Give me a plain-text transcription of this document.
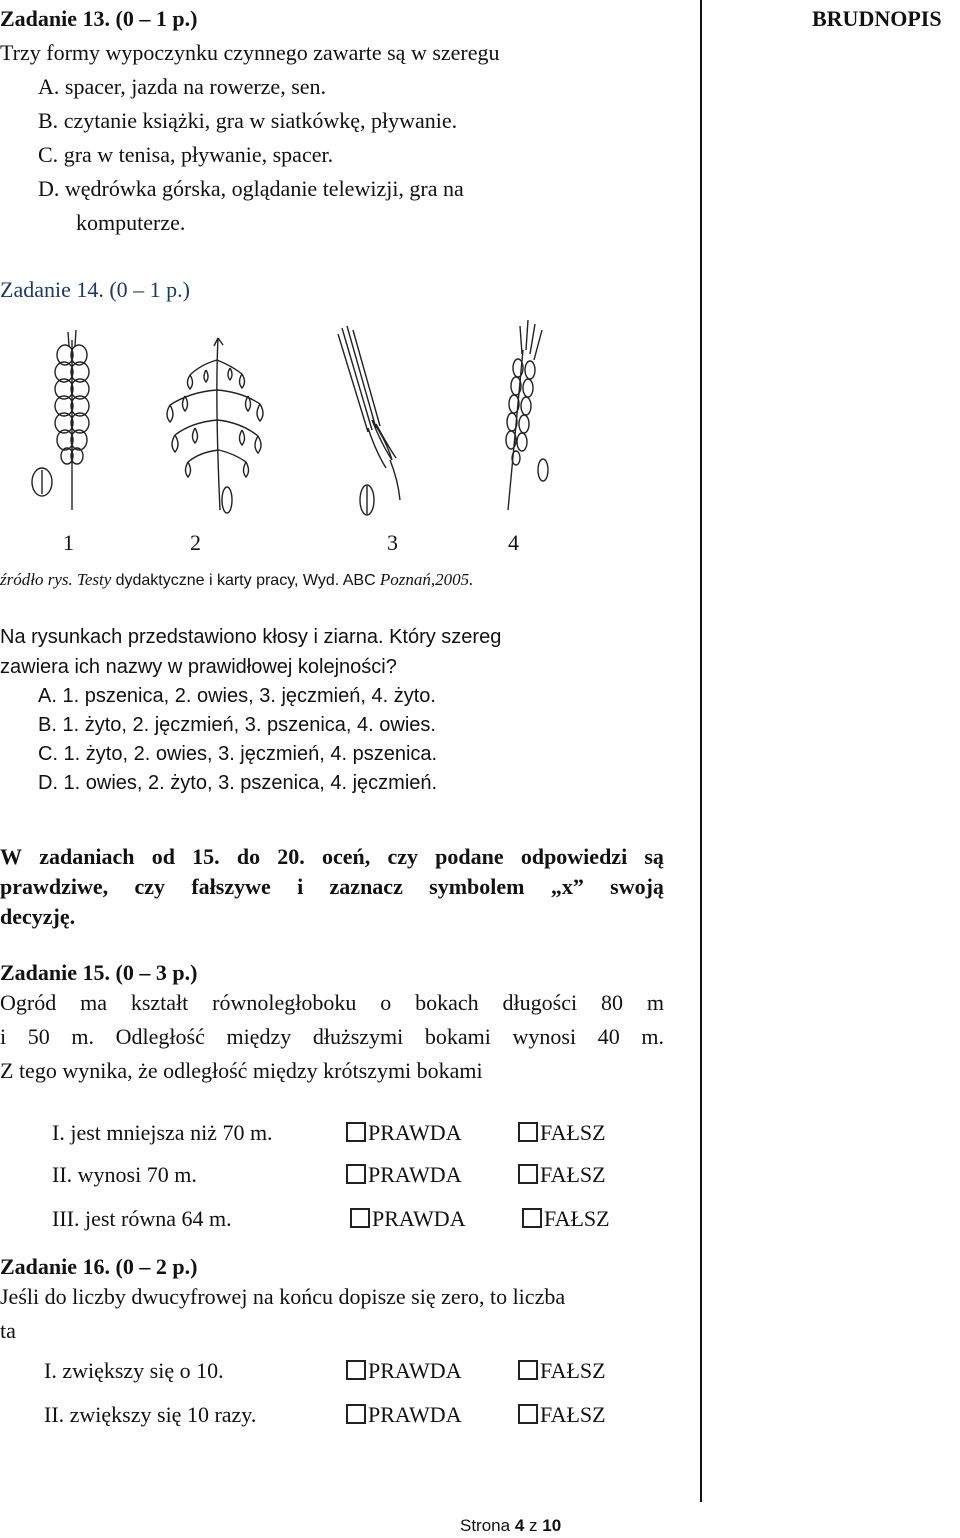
BRUDNOPIS
Zadanie 13. (0 – 1 p.)
Trzy formy wypoczynku czynnego zawarte są w szeregu
A. spacer, jazda na rowerze, sen.
B. czytanie książki, gra w siatkówkę, pływanie.
C. gra w tenisa, pływanie, spacer.
D. wędrówka górska, oglądanie telewizji, gra na
komputerze.
Zadanie 14. (0 – 1 p.)
1	2	3	4
źródło rys. Testy dydaktyczne i karty pracy, Wyd. ABC Poznań,2005.
Na rysunkach przedstawiono kłosy i ziarna. Który szereg
zawiera ich nazwy w prawidłowej kolejności?
A. 1. pszenica, 2. owies, 3. jęczmień, 4. żyto.
B. 1. żyto, 2. jęczmień, 3. pszenica, 4. owies.
C. 1. żyto, 2. owies, 3. jęczmień, 4. pszenica.
D. 1. owies, 2. żyto, 3. pszenica, 4. jęczmień.
W zadaniach od 15. do 20. oceń, czy podane odpowiedzi są
prawdziwe, czy fałszywe i zaznacz symbolem „x” swoją
decyzję.
Zadanie 15. (0 – 3 p.)
Ogród ma kształt równoległoboku o bokach długości 80 m
i 50 m. Odległość między dłuższymi bokami wynosi 40 m.
Z tego wynika, że odległość między krótszymi bokami
I. jest mniejsza niż 70 m.	PRAWDA	FAŁSZ
II. wynosi 70 m.	PRAWDA	FAŁSZ
III. jest równa 64 m.	PRAWDA	FAŁSZ
Zadanie 16. (0 – 2 p.)
Jeśli do liczby dwucyfrowej na końcu dopisze się zero, to liczba
ta
I. zwiększy się o 10.	PRAWDA	FAŁSZ
II. zwiększy się 10 razy.	PRAWDA	FAŁSZ
Strona 4 z 10
